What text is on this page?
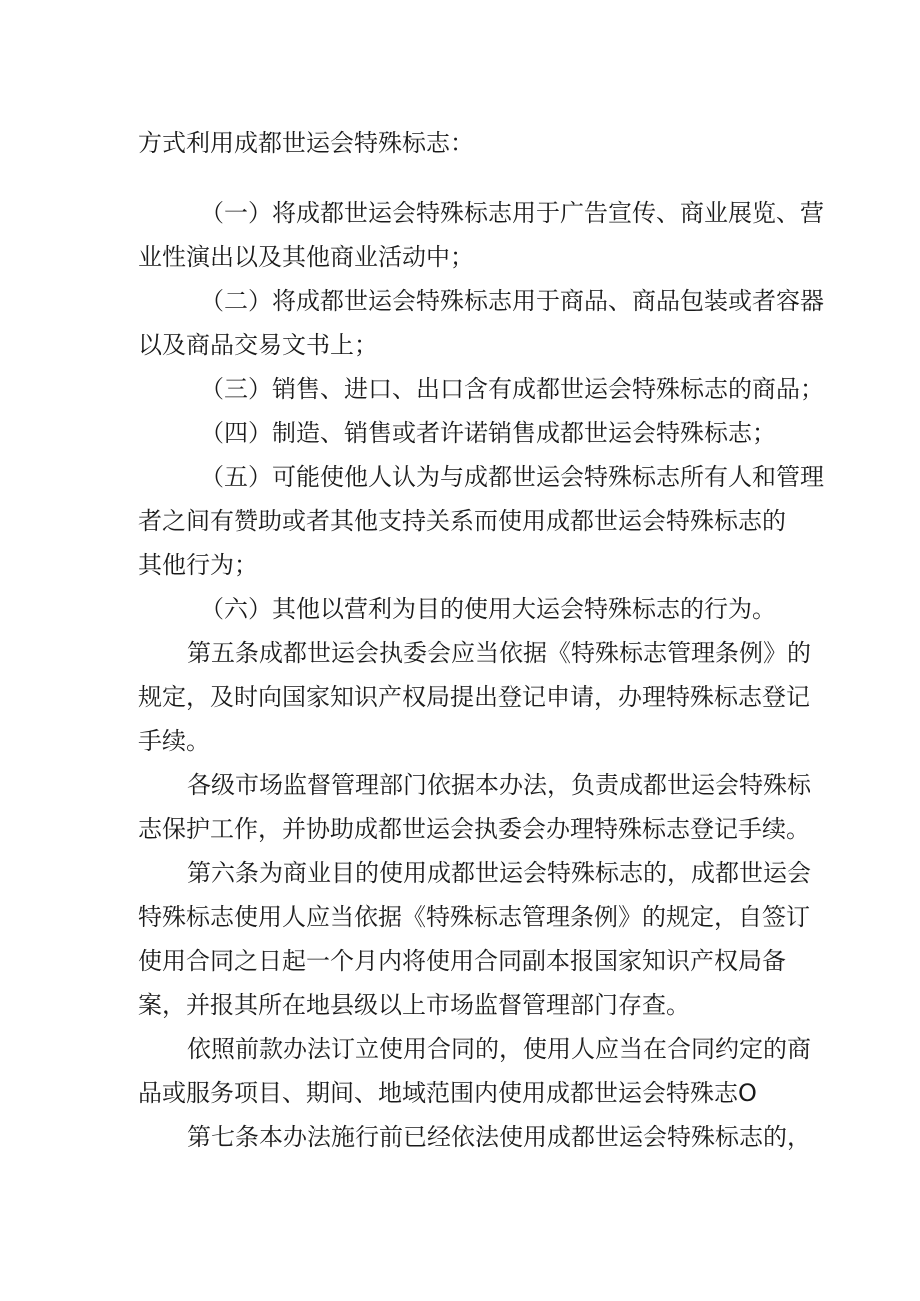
方式利用成都世运会特殊标志：
（一）将成都世运会特殊标志用于广告宣传、商业展览、营
业性演出以及其他商业活动中；
（二）将成都世运会特殊标志用于商品、商品包装或者容器
以及商品交易文书上；
（三）销售、进口、出口含有成都世运会特殊标志的商品；
（四）制造、销售或者许诺销售成都世运会特殊标志；
（五）可能使他人认为与成都世运会特殊标志所有人和管理
者之间有赞助或者其他支持关系而使用成都世运会特殊标志的
其他行为；
（六）其他以营利为目的使用大运会特殊标志的行为。
第五条成都世运会执委会应当依据《特殊标志管理条例》的
规定，及时向国家知识产权局提出登记申请，办理特殊标志登记
手续。
各级市场监督管理部门依据本办法，负责成都世运会特殊标
志保护工作，并协助成都世运会执委会办理特殊标志登记手续。
第六条为商业目的使用成都世运会特殊标志的，成都世运会
特殊标志使用人应当依据《特殊标志管理条例》的规定，自签订
使用合同之日起一个月内将使用合同副本报国家知识产权局备
案，并报其所在地县级以上市场监督管理部门存查。
依照前款办法订立使用合同的，使用人应当在合同约定的商
品或服务项目、期间、地域范围内使用成都世运会特殊志O
第七条本办法施行前已经依法使用成都世运会特殊标志的，
